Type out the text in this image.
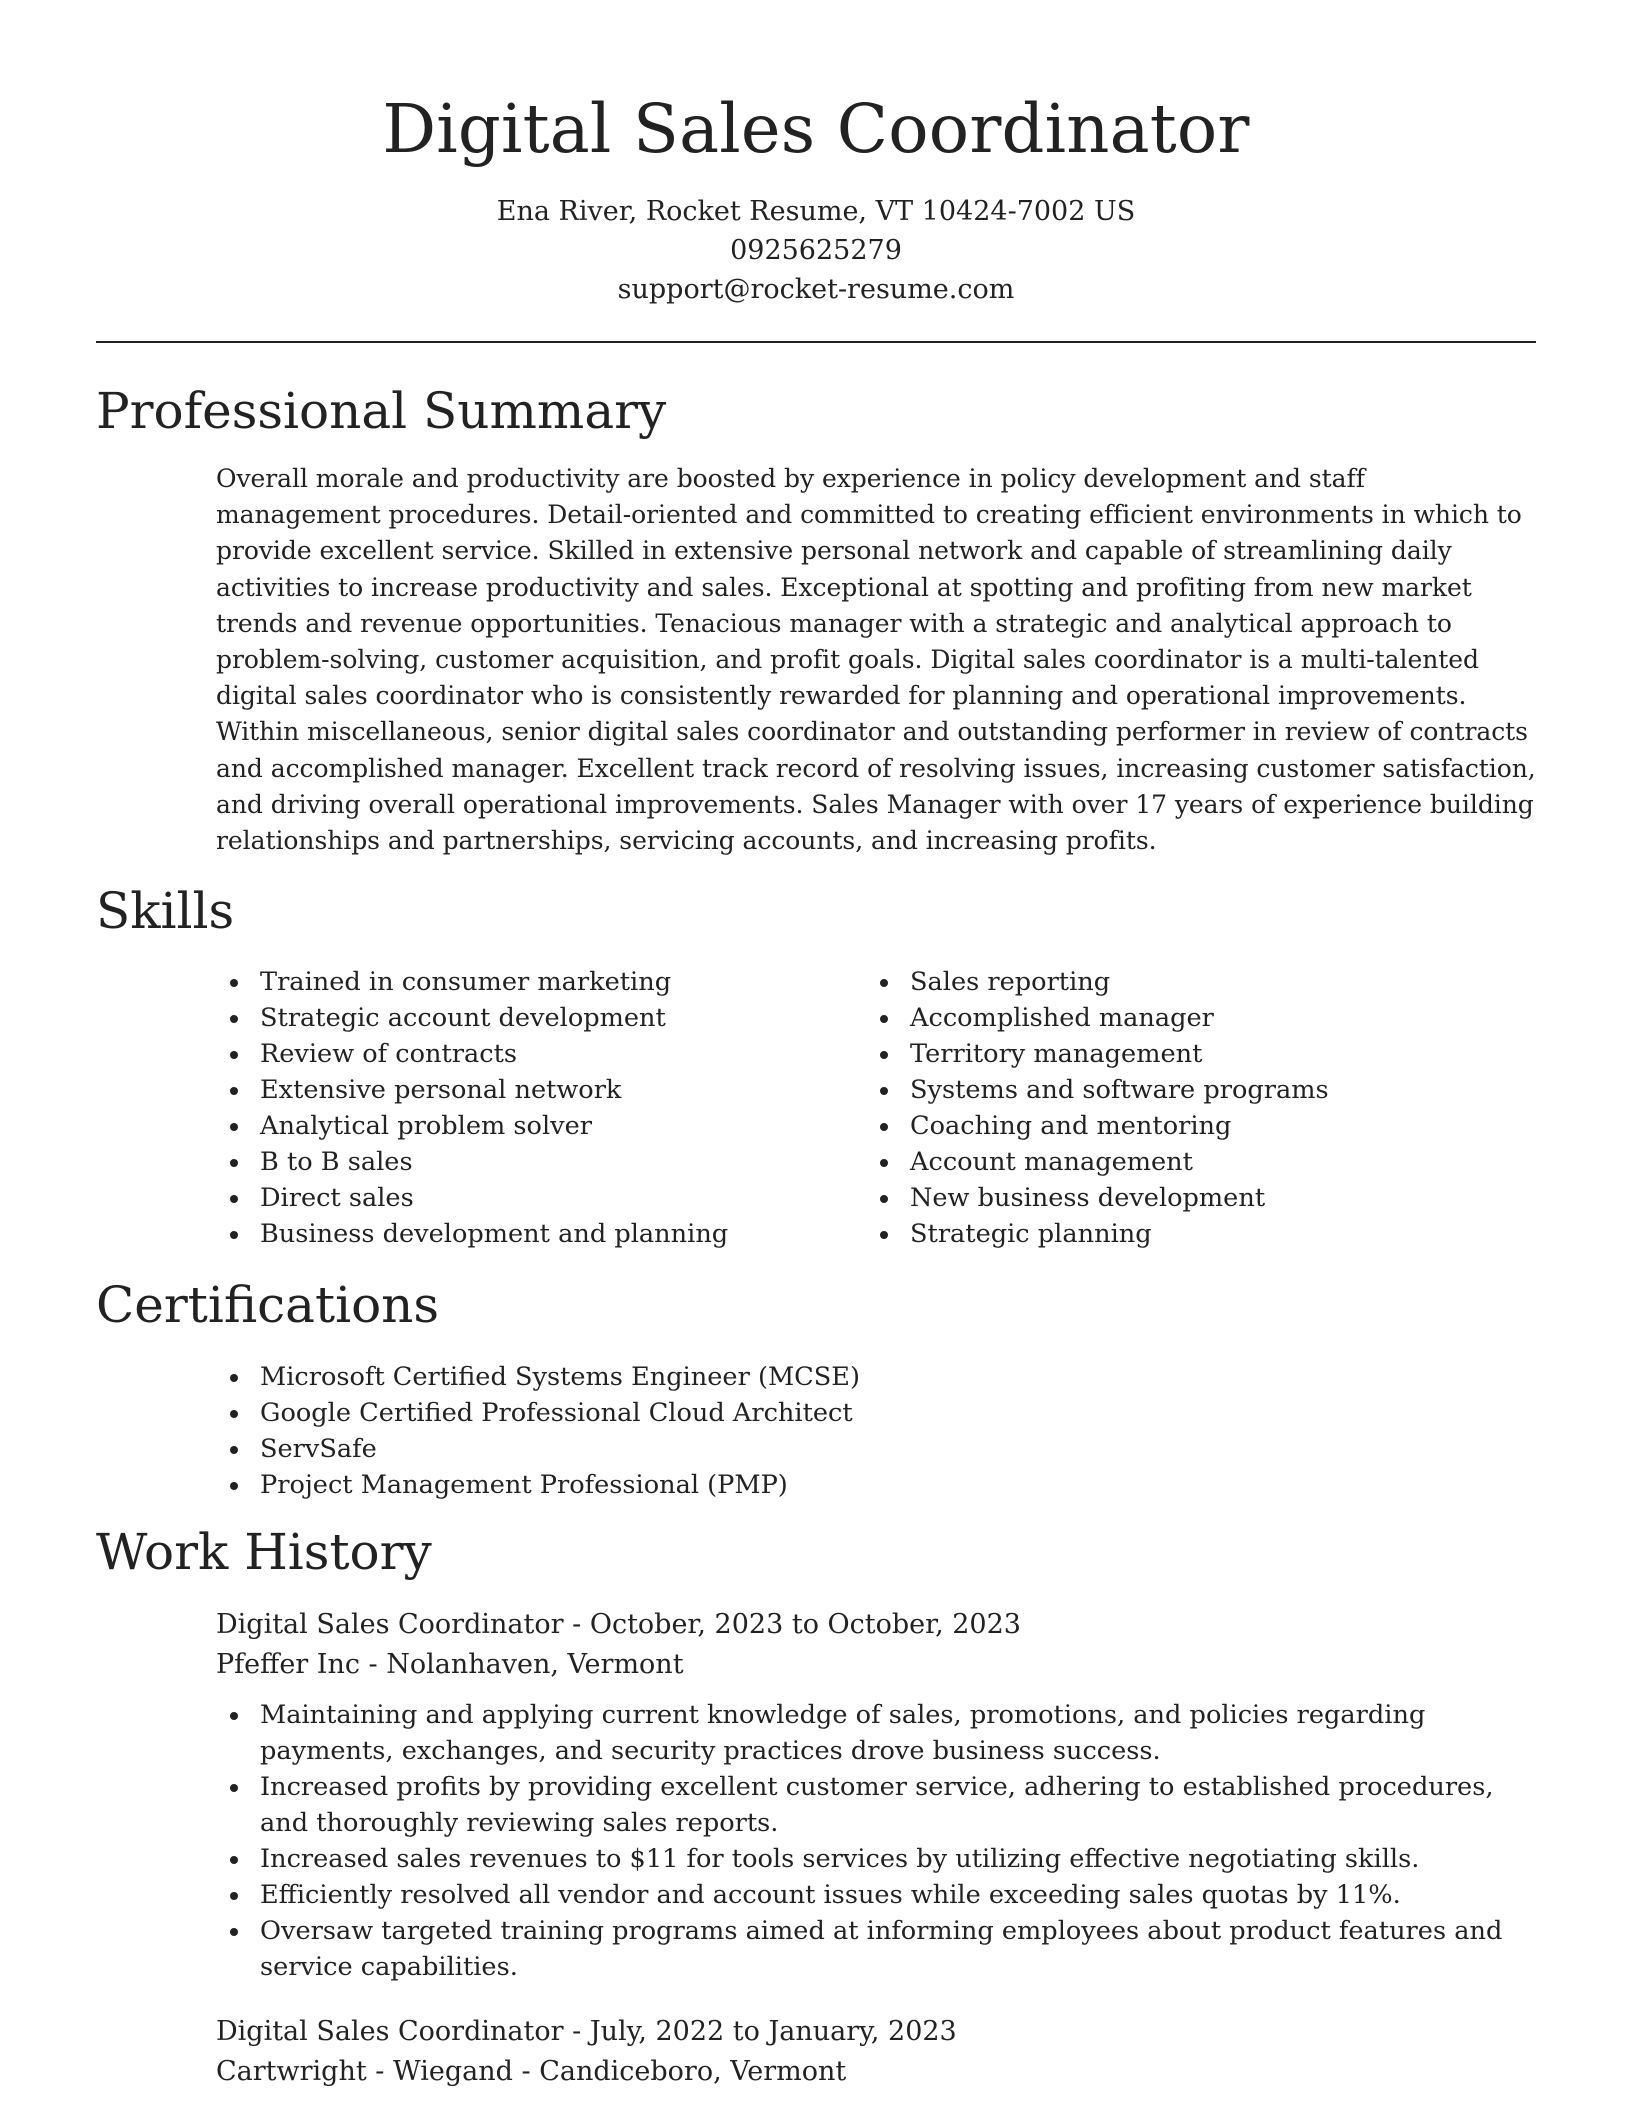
Digital Sales Coordinator
Ena River, Rocket Resume, VT 10424-7002 US
0925625279
support@rocket-resume.com
Professional Summary

Overall morale and productivity are boosted by experience in policy development and staff management procedures. Detail-oriented and committed to creating efficient environments in which to provide excellent service. Skilled in extensive personal network and capable of streamlining daily activities to increase productivity and sales. Exceptional at spotting and profiting from new market trends and revenue opportunities. Tenacious manager with a strategic and analytical approach to problem-solving, customer acquisition, and profit goals. Digital sales coordinator is a multi-talented digital sales coordinator who is consistently rewarded for planning and operational improvements. Within miscellaneous, senior digital sales coordinator and outstanding performer in review of contracts and accomplished manager. Excellent track record of resolving issues, increasing customer satisfaction, and driving overall operational improvements. Sales Manager with over 17 years of experience building relationships and partnerships, servicing accounts, and increasing profits.

Skills
Trained in consumer marketing
Strategic account development
Review of contracts
Extensive personal network
Analytical problem solver
B to B sales
Direct sales
Business development and planning
Sales reporting
Accomplished manager
Territory management
Systems and software programs
Coaching and mentoring
Account management
New business development
Strategic planning
Certifications
Microsoft Certified Systems Engineer (MCSE)
Google Certified Professional Cloud Architect
ServSafe
Project Management Professional (PMP)
Work History

Digital Sales Coordinator - October, 2023 to October, 2023

Pfeffer Inc - Nolanhaven, Vermont

Maintaining and applying current knowledge of sales, promotions, and policies regarding payments, exchanges, and security practices drove business success.
Increased profits by providing excellent customer service, adhering to established procedures, and thoroughly reviewing sales reports.
Increased sales revenues to $11 for tools services by utilizing effective negotiating skills.
Efficiently resolved all vendor and account issues while exceeding sales quotas by 11%.
Oversaw targeted training programs aimed at informing employees about product features and service capabilities.

Digital Sales Coordinator - July, 2022 to January, 2023

Cartwright - Wiegand - Candiceboro, Vermont
